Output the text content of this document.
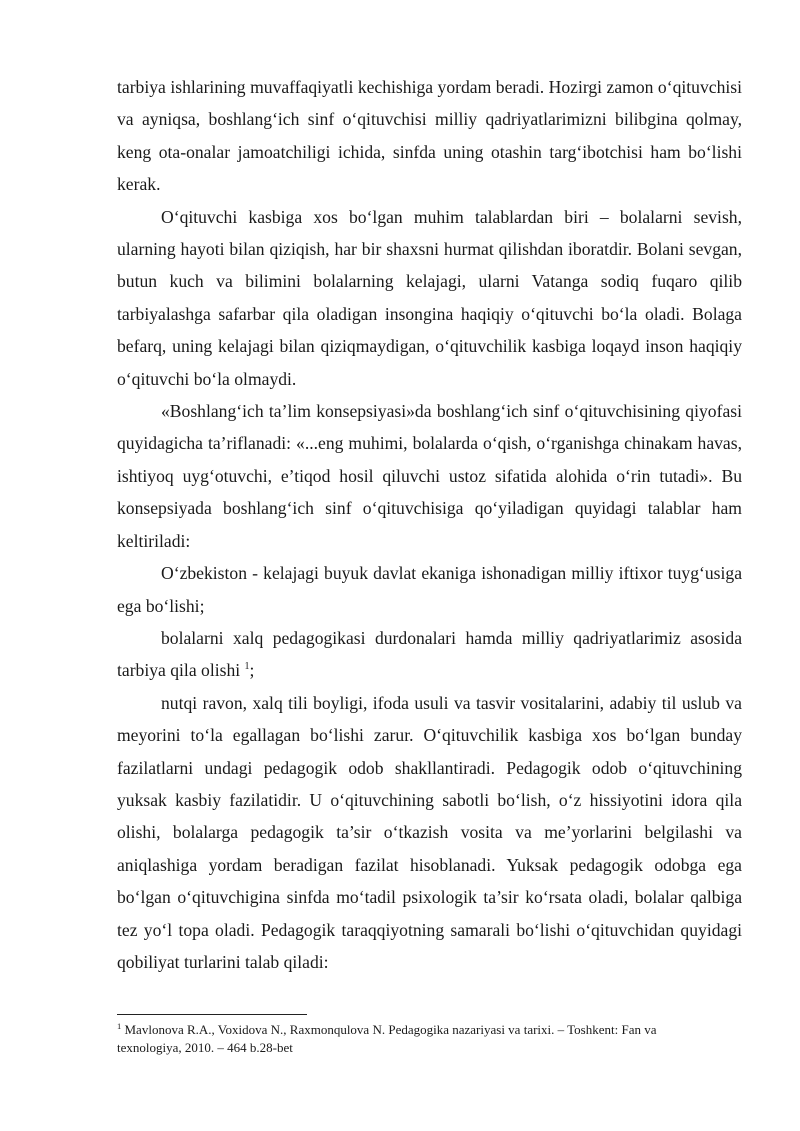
tarbiya ishlarining muvaffaqiyatli kechishiga yordam beradi. Hozirgi zamon o‘qituvchisi va ayniqsa, boshlang‘ich sinf o‘qituvchisi milliy qadriyatlarimizni bilibgina qolmay, keng ota-onalar jamoatchiligi ichida, sinfda uning otashin targ‘ibotchisi ham bo‘lishi kerak.

O‘qituvchi kasbiga xos bo‘lgan muhim talablardan biri – bolalarni sevish, ularning hayoti bilan qiziqish, har bir shaxsni hurmat qilishdan iboratdir. Bolani sevgan, butun kuch va bilimini bolalarning kelajagi, ularni Vatanga sodiq fuqaro qilib tarbiyalashga safarbar qila oladigan insongina haqiqiy o‘qituvchi bo‘la oladi. Bolaga befarq, uning kelajagi bilan qiziqmaydigan, o‘qituvchilik kasbiga loqayd inson haqiqiy o‘qituvchi bo‘la olmaydi.

«Boshlang‘ich ta’lim konsepsiyasi»da boshlang‘ich sinf o‘qituvchisining qiyofasi quyidagicha ta’riflanadi: «...eng muhimi, bolalarda o‘qish, o‘rganishga chinakam havas, ishtiyoq uyg‘otuvchi, e’tiqod hosil qiluvchi ustoz sifatida alohida o‘rin tutadi». Bu konsepsiyada boshlang‘ich sinf o‘qituvchisiga qo‘yiladigan quyidagi talablar ham keltiriladi:

O‘zbekiston - kelajagi buyuk davlat ekaniga ishonadigan milliy iftixor tuyg‘usiga ega bo‘lishi;

bolalarni xalq pedagogikasi durdonalari hamda milliy qadriyatlarimiz asosida tarbiya qila olishi $^1$;

nutqi ravon, xalq tili boyligi, ifoda usuli va tasvir vositalarini, adabiy til uslub va meyorini to‘la egallagan bo‘lishi zarur. O‘qituvchilik kasbiga xos bo‘lgan bunday fazilatlarni undagi pedagogik odob shakllantiradi. Pedagogik odob o‘qituvchining yuksak kasbiy fazilatidir. U o‘qituvchining sabotli bo‘lish, o‘z hissiyotini idora qila olishi, bolalarga pedagogik ta’sir o‘tkazish vosita va me’yorlarini belgilashi va aniqlashiga yordam beradigan fazilat hisoblanadi. Yuksak pedagogik odobga ega bo‘lgan o‘qituvchigina sinfda mo‘tadil psixologik ta’sir ko‘rsata oladi, bolalar qalbiga tez yo‘l topa oladi. Pedagogik taraqqiyotning samarali bo‘lishi o‘qituvchidan quyidagi qobiliyat turlarini talab qiladi:

$^1$ Mavlonova R.A., Voxidova N., Raxmonqulova N. Pedagogika nazariyasi va tarixi. – Toshkent: Fan va texnologiya, 2010. – 464 b.28-bet
